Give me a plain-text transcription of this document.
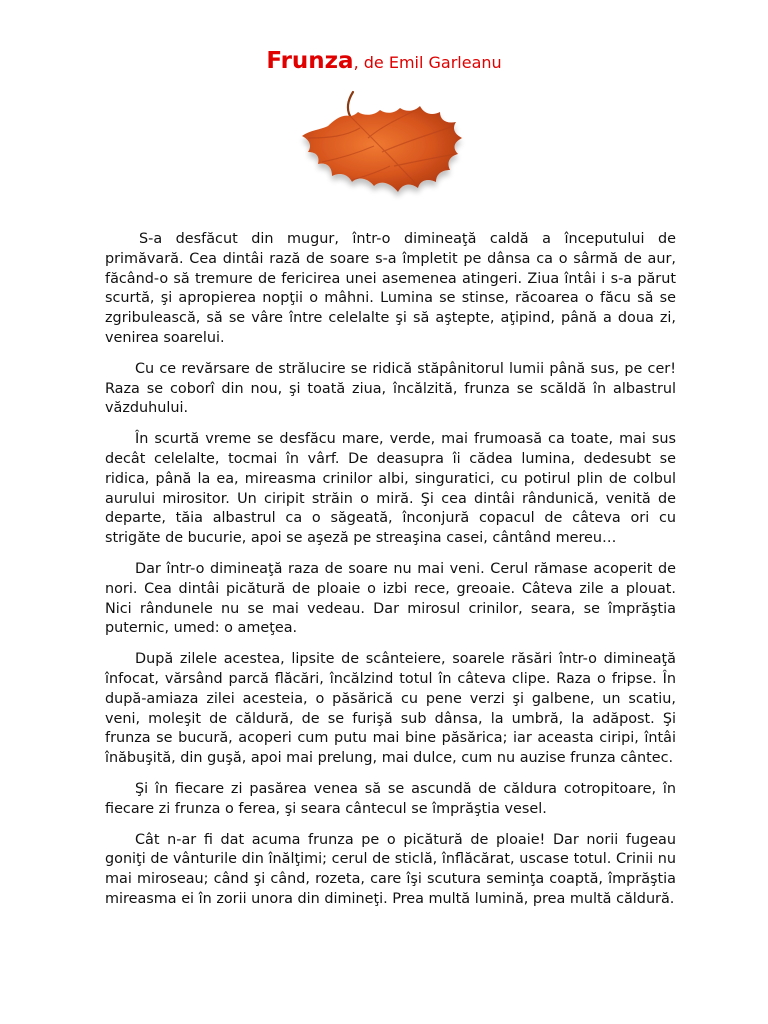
Frunza, de Emil Garleanu

S-a desfăcut din mugur, într-o dimineaţă caldă a începutului de primăvară. Cea dintâi rază de soare s-a împletit pe dânsa ca o sârmă de aur, făcând-o să tremure de fericirea unei asemenea atingeri. Ziua întâi i s-a părut scurtă, şi apropierea nopţii o mâhni. Lumina se stinse, răcoarea o făcu să se zgribulească, să se vâre între celelalte şi să aştepte, aţipind, până a doua zi, venirea soarelui.

Cu ce revărsare de strălucire se ridică stăpânitorul lumii până sus, pe cer! Raza se coborî din nou, şi toată ziua, încălzită, frunza se scăldă în albastrul văzduhului.

În scurtă vreme se desfăcu mare, verde, mai frumoasă ca toate, mai sus decât celelalte, tocmai în vârf. De deasupra îi cădea lumina, dedesubt se ridica, până la ea, mireasma crinilor albi, singuratici, cu potirul plin de colbul aurului mirositor. Un ciripit străin o miră. Şi cea dintâi rândunică, venită de departe, tăia albastrul ca o săgeată, înconjură copacul de câteva ori cu strigăte de bucurie, apoi se aşeză pe streaşina casei, cântând mereu…

Dar într-o dimineaţă raza de soare nu mai veni. Cerul rămase acoperit de nori. Cea dintâi picătură de ploaie o izbi rece, greoaie. Câteva zile a plouat. Nici rândunele nu se mai vedeau. Dar mirosul crinilor, seara, se împrăştia puternic, umed: o ameţea.

După zilele acestea, lipsite de scânteiere, soarele răsări într-o dimineaţă înfocat, vărsând parcă flăcări, încălzind totul în câteva clipe. Raza o fripse. În după-amiaza zilei acesteia, o păsărică cu pene verzi şi galbene, un scatiu, veni, moleşit de căldură, de se furişă sub dânsa, la umbră, la adăpost. Şi frunza se bucură, acoperi cum putu mai bine păsărica; iar aceasta ciripi, întâi înăbuşită, din guşă, apoi mai prelung, mai dulce, cum nu auzise frunza cântec.

Şi în fiecare zi pasărea venea să se ascundă de căldura cotropitoare, în fiecare zi frunza o ferea, şi seara cântecul se împrăştia vesel.

Cât n-ar fi dat acuma frunza pe o picătură de ploaie! Dar norii fugeau goniţi de vânturile din înălţimi; cerul de sticlă, înflăcărat, uscase totul. Crinii nu mai miroseau; când şi când, rozeta, care îşi scutura seminţa coaptă, împrăştia mireasma ei în zorii unora din dimineţi. Prea multă lumină, prea multă căldură.
